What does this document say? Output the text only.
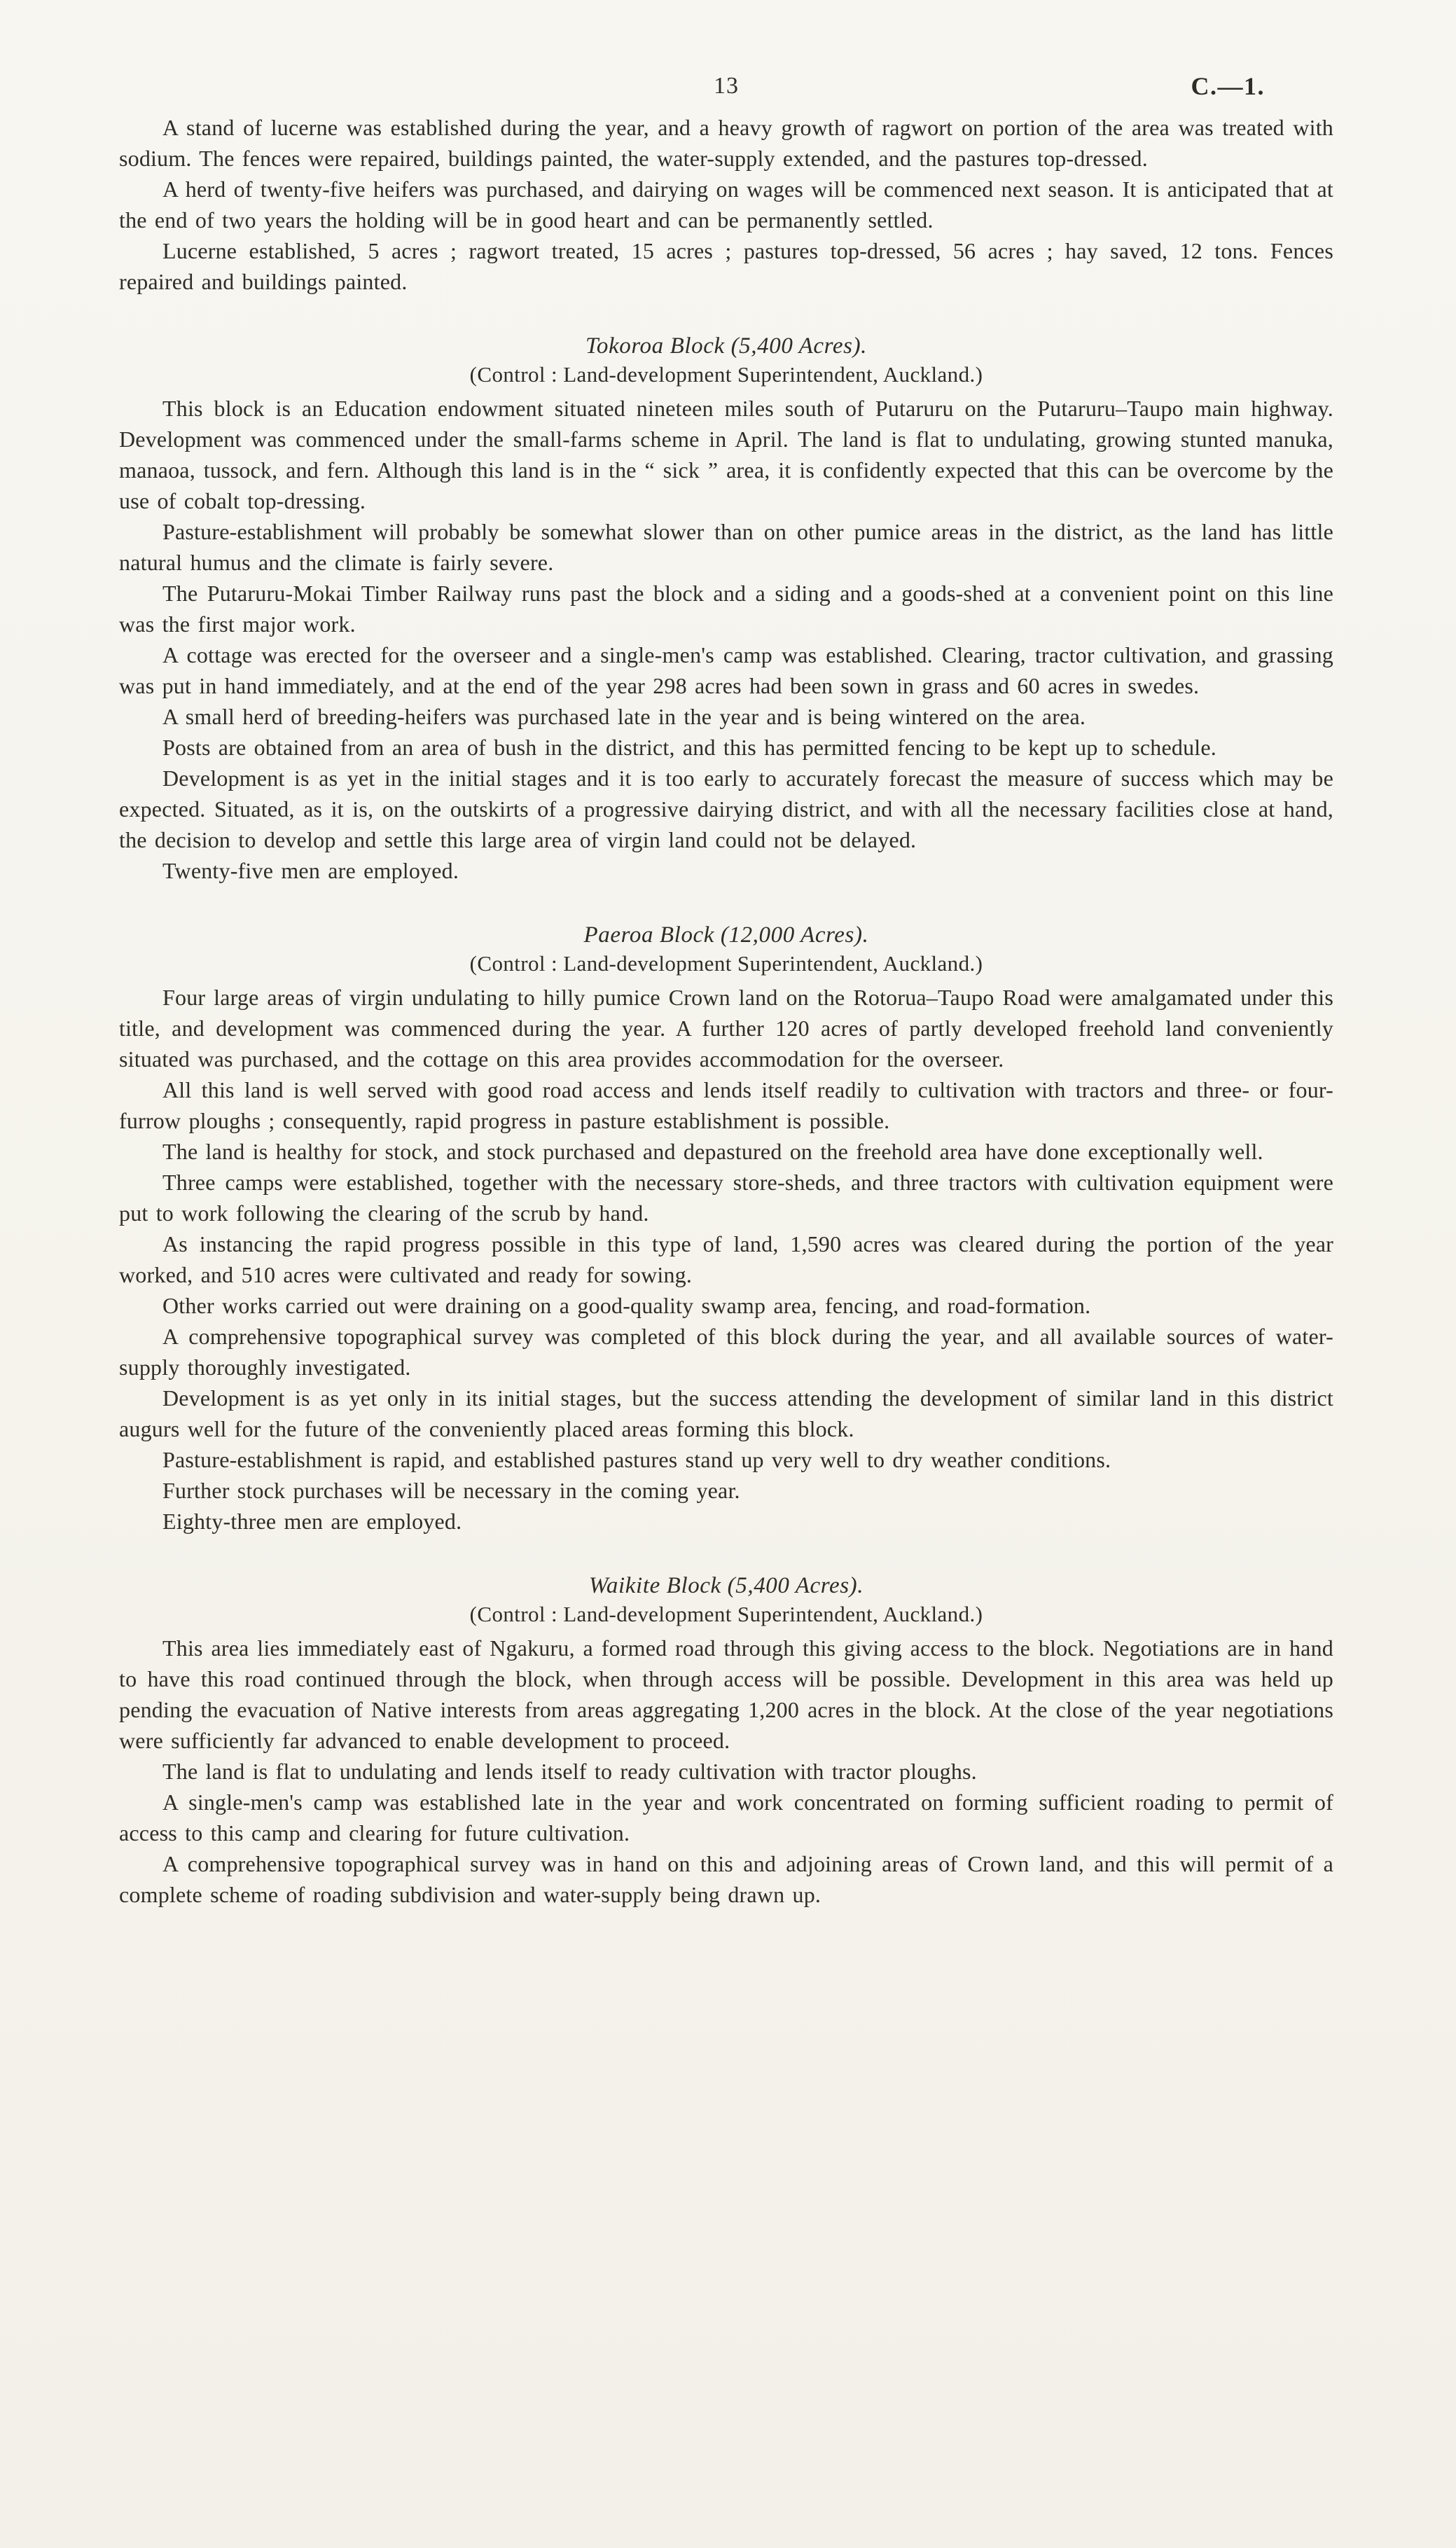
13	C.—1.

A stand of lucerne was established during the year, and a heavy growth of ragwort on portion of the area was treated with sodium. The fences were repaired, buildings painted, the water-supply extended, and the pastures top-dressed.

A herd of twenty-five heifers was purchased, and dairying on wages will be commenced next season. It is anticipated that at the end of two years the holding will be in good heart and can be permanently settled.

Lucerne established, 5 acres ; ragwort treated, 15 acres ; pastures top-dressed, 56 acres ; hay saved, 12 tons. Fences repaired and buildings painted.

Tokoroa Block (5,400 Acres).
(Control : Land-development Superintendent, Auckland.)

This block is an Education endowment situated nineteen miles south of Putaruru on the Putaruru–Taupo main highway. Development was commenced under the small-farms scheme in April. The land is flat to undulating, growing stunted manuka, manaoa, tussock, and fern. Although this land is in the “ sick ” area, it is confidently expected that this can be overcome by the use of cobalt top-dressing.

Pasture-establishment will probably be somewhat slower than on other pumice areas in the district, as the land has little natural humus and the climate is fairly severe.

The Putaruru-Mokai Timber Railway runs past the block and a siding and a goods-shed at a convenient point on this line was the first major work.

A cottage was erected for the overseer and a single-men's camp was established. Clearing, tractor cultivation, and grassing was put in hand immediately, and at the end of the year 298 acres had been sown in grass and 60 acres in swedes.

A small herd of breeding-heifers was purchased late in the year and is being wintered on the area.

Posts are obtained from an area of bush in the district, and this has permitted fencing to be kept up to schedule.

Development is as yet in the initial stages and it is too early to accurately forecast the measure of success which may be expected. Situated, as it is, on the outskirts of a progressive dairying district, and with all the necessary facilities close at hand, the decision to develop and settle this large area of virgin land could not be delayed.

Twenty-five men are employed.

Paeroa Block (12,000 Acres).
(Control : Land-development Superintendent, Auckland.)

Four large areas of virgin undulating to hilly pumice Crown land on the Rotorua–Taupo Road were amalgamated under this title, and development was commenced during the year. A further 120 acres of partly developed freehold land conveniently situated was purchased, and the cottage on this area provides accommodation for the overseer.

All this land is well served with good road access and lends itself readily to cultivation with tractors and three- or four-furrow ploughs ; consequently, rapid progress in pasture establishment is possible.

The land is healthy for stock, and stock purchased and depastured on the freehold area have done exceptionally well.

Three camps were established, together with the necessary store-sheds, and three tractors with cultivation equipment were put to work following the clearing of the scrub by hand.

As instancing the rapid progress possible in this type of land, 1,590 acres was cleared during the portion of the year worked, and 510 acres were cultivated and ready for sowing.

Other works carried out were draining on a good-quality swamp area, fencing, and road-formation.

A comprehensive topographical survey was completed of this block during the year, and all available sources of water-supply thoroughly investigated.

Development is as yet only in its initial stages, but the success attending the development of similar land in this district augurs well for the future of the conveniently placed areas forming this block.

Pasture-establishment is rapid, and established pastures stand up very well to dry weather conditions.

Further stock purchases will be necessary in the coming year.

Eighty-three men are employed.

Waikite Block (5,400 Acres).
(Control : Land-development Superintendent, Auckland.)

This area lies immediately east of Ngakuru, a formed road through this giving access to the block. Negotiations are in hand to have this road continued through the block, when through access will be possible. Development in this area was held up pending the evacuation of Native interests from areas aggregating 1,200 acres in the block. At the close of the year negotiations were sufficiently far advanced to enable development to proceed.

The land is flat to undulating and lends itself to ready cultivation with tractor ploughs.

A single-men's camp was established late in the year and work concentrated on forming sufficient roading to permit of access to this camp and clearing for future cultivation.

A comprehensive topographical survey was in hand on this and adjoining areas of Crown land, and this will permit of a complete scheme of roading subdivision and water-supply being drawn up.
